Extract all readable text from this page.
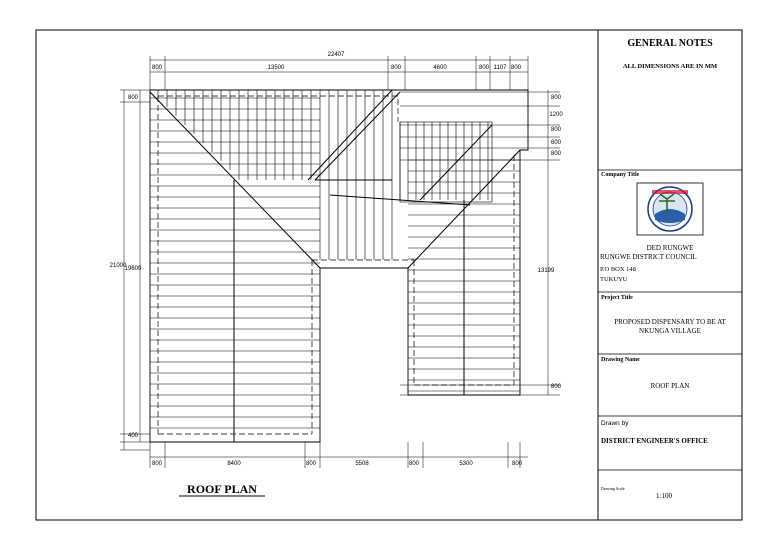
22407
800	13500	800	4600	800 1107 800
21000
19600
800
400
800
1200
800
600
800
13199
800
800	8400	800	5508	800	5300	800
ROOF PLAN
GENERAL NOTES
ALL DIMENSIONS ARE IN MM
Company Title
DED RUNGWE
RUNGWE DISTRICT COUNCIL
P.O BOX 148
TUKUYU
Project Title
PROPOSED DISPENSARY TO BE AT NKUNGA VILLAGE
Drawing Name
ROOF PLAN
Drawn by
DISTRICT ENGINEER'S OFFICE
Drawing Scale
1:100
